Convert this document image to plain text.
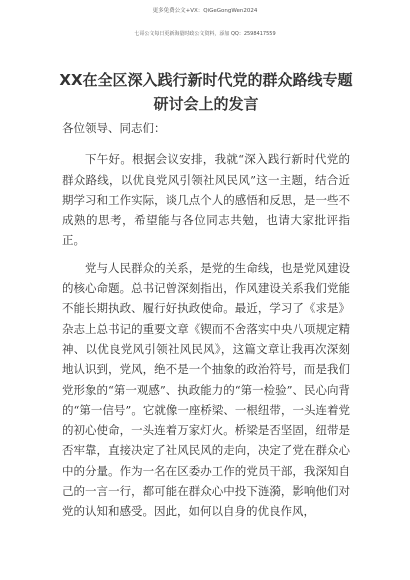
更多免费公文+VX：QiGeGongWen2024
七哥公文每日更新海量时政公文资料，添加 QQ：2598417559
XX在全区深入践行新时代党的群众路线专题研讨会上的发言

各位领导、同志们：

下午好。根据会议安排，我就“深入践行新时代党的群众路线，以优良党风引领社风民风”这一主题，结合近期学习和工作实际，谈几点个人的感悟和反思，是一些不成熟的思考，希望能与各位同志共勉，也请大家批评指正。

党与人民群众的关系，是党的生命线，也是党风建设的核心命题。总书记曾深刻指出，作风建设关系我们党能不能长期执政、履行好执政使命。最近，学习了《求是》杂志上总书记的重要文章《锲而不舍落实中央八项规定精神、以优良党风引领社风民风》，这篇文章让我再次深刻地认识到，党风，绝不是一个抽象的政治符号，而是我们党形象的“第一观感”、执政能力的“第一检验”、民心向背的“第一信号”。它就像一座桥梁、一根纽带，一头连着党的初心使命，一头连着万家灯火。桥梁是否坚固，纽带是否牢靠，直接决定了社风民风的走向，决定了党在群众心中的分量。作为一名在区委办工作的党员干部，我深知自己的一言一行，都可能在群众心中投下涟漪，影响他们对党的认知和感受。因此，如何以自身的优良作风，
